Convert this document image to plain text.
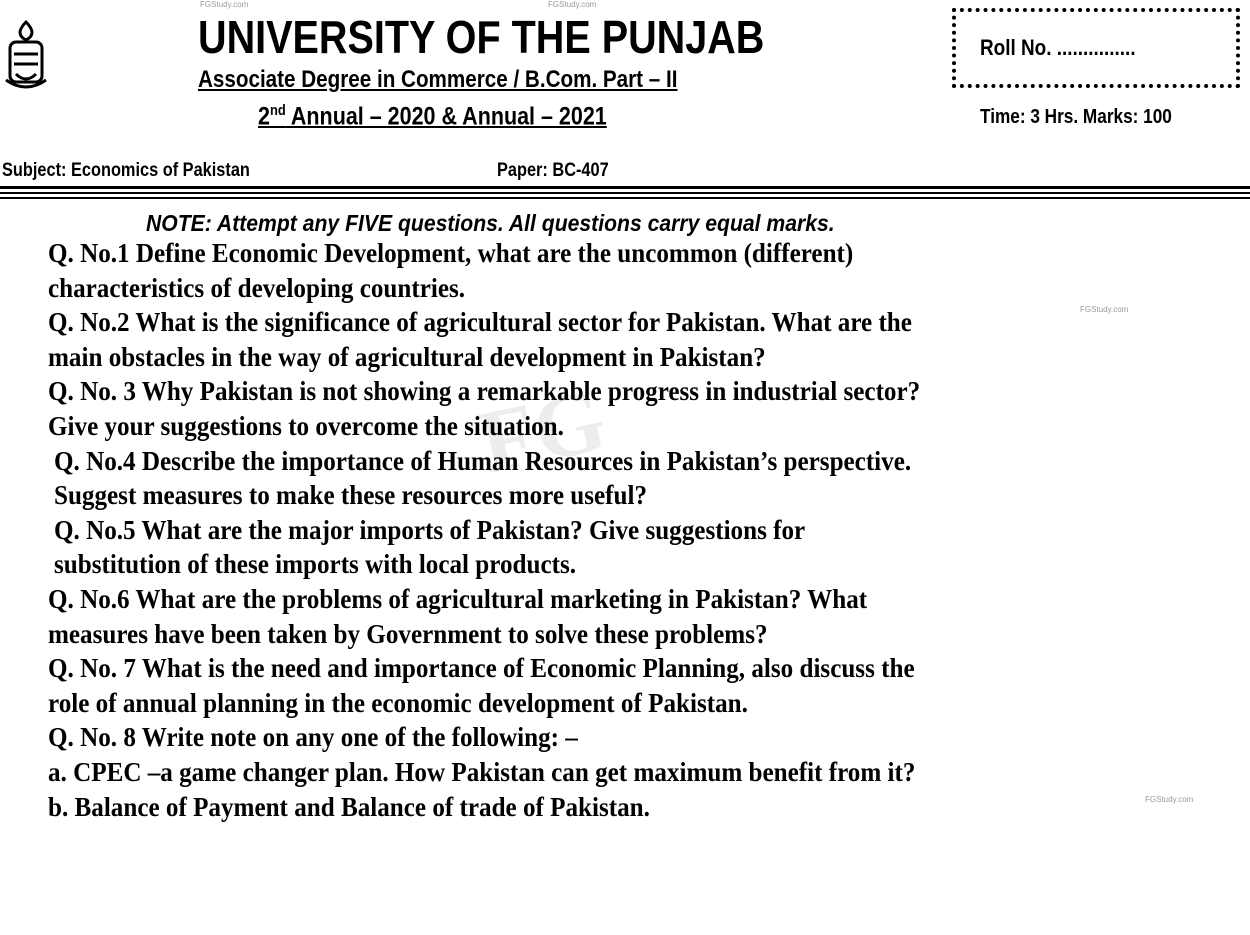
FGStudy.com	FGStudy.com
UNIVERSITY OF THE PUNJAB
Associate Degree in Commerce / B.Com. Part – II
2nd Annual – 2020 & Annual – 2021
Roll No. ...............
Time: 3 Hrs. Marks: 100
Subject: Economics of Pakistan	Paper: BC-407
NOTE: Attempt any FIVE questions. All questions carry equal marks.
FG
Q. No.1 Define Economic Development, what are the uncommon (different)
characteristics of developing countries.
Q. No.2 What is the significance of agricultural sector for Pakistan. What are the
main obstacles in the way of agricultural development in Pakistan?
Q. No. 3 Why Pakistan is not showing a remarkable progress in industrial sector?
Give your suggestions to overcome the situation.
Q. No.4 Describe the importance of Human Resources in Pakistan’s perspective.
Suggest measures to make these resources more useful?
Q. No.5 What are the major imports of Pakistan? Give suggestions for
substitution of these imports with local products.
Q. No.6 What are the problems of agricultural marketing in Pakistan? What
measures have been taken by Government to solve these problems?
Q. No. 7 What is the need and importance of Economic Planning, also discuss the
role of annual planning in the economic development of Pakistan.
Q. No. 8 Write note on any one of the following: –
a. CPEC –a game changer plan. How Pakistan can get maximum benefit from it?
b. Balance of Payment and Balance of trade of Pakistan.
FGStudy.com
FGStudy.com
